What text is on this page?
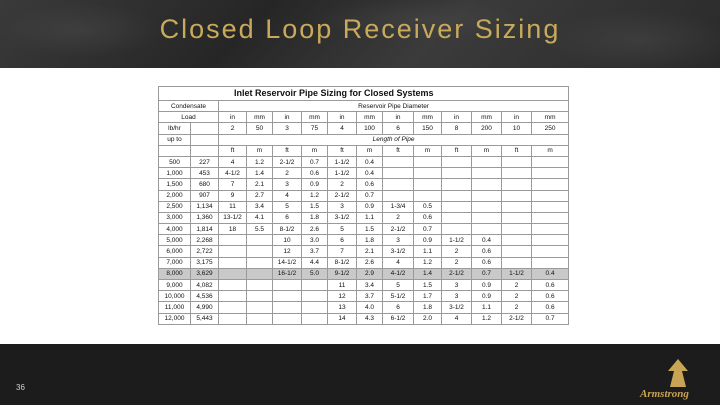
Closed Loop Receiver Sizing
Inlet Reservoir Pipe Sizing for Closed Systems													
Condensate		Reservoir Pipe Diameter											
Load		in	mm	in	mm	in	mm	in	mm	in	mm	in	mm
lb/hr		2	50	3	75	4	100	6	150	8	200	10	250
up to		Length of Pipe											
		ft	m	ft	m	ft	m	ft	m	ft	m	ft	m
500	227	4	1.2	2-1/2	0.7	1-1/2	0.4						
1,000	453	4-1/2	1.4	2	0.6	1-1/2	0.4						
1,500	680	7	2.1	3	0.9	2	0.6						
2,000	907	9	2.7	4	1.2	2-1/2	0.7						
2,500	1,134	11	3.4	5	1.5	3	0.9	1-3/4	0.5				
3,000	1,360	13-1/2	4.1	6	1.8	3-1/2	1.1	2	0.6				
4,000	1,814	18	5.5	8-1/2	2.6	5	1.5	2-1/2	0.7				
5,000	2,268			10	3.0	6	1.8	3	0.9	1-1/2	0.4		
6,000	2,722			12	3.7	7	2.1	3-1/2	1.1	2	0.6		
7,000	3,175			14-1/2	4.4	8-1/2	2.6	4	1.2	2	0.6		
8,000	3,629			16-1/2	5.0	9-1/2	2.9	4-1/2	1.4	2-1/2	0.7	1-1/2	0.4
9,000	4,082					11	3.4	5	1.5	3	0.9	2	0.6
10,000	4,536					12	3.7	5-1/2	1.7	3	0.9	2	0.6
11,000	4,990					13	4.0	6	1.8	3-1/2	1.1	2	0.6
12,000	5,443					14	4.3	6-1/2	2.0	4	1.2	2-1/2	0.7
36
Armstrong
